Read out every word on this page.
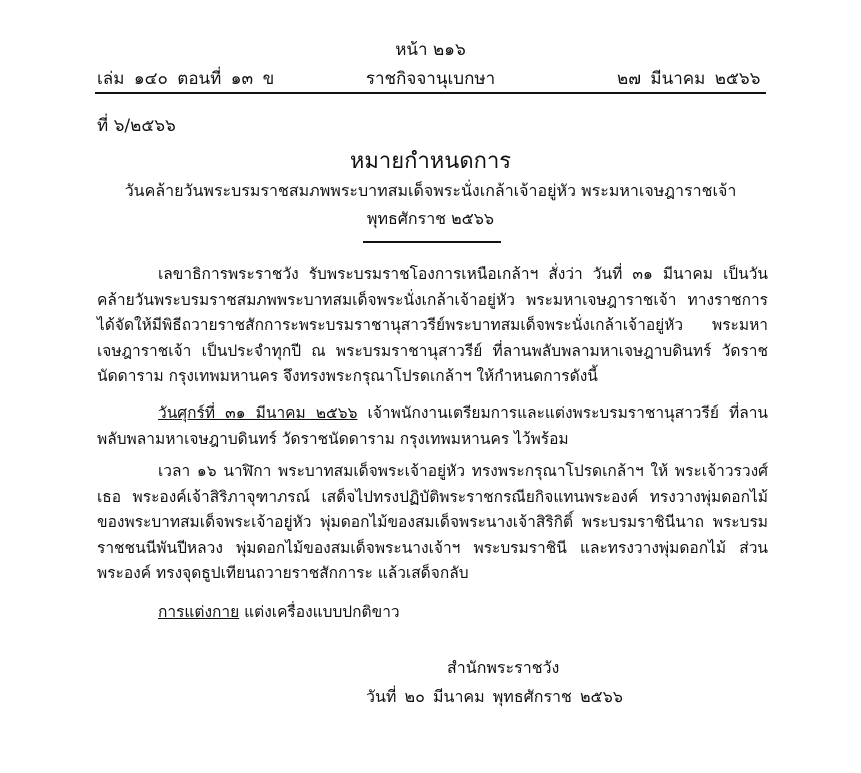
หน้า ๒๑๖
เล่ม ๑๔๐ ตอนที่ ๑๓ ข	ราชกิจจานุเบกษา	๒๗ มีนาคม ๒๕๖๖
ที่ ๖/๒๕๖๖
หมายกำหนดการ
วันคล้ายวันพระบรมราชสมภพพระบาทสมเด็จพระนั่งเกล้าเจ้าอยู่หัว พระมหาเจษฎาราชเจ้า
พุทธศักราช ๒๕๖๖

เลขาธิการพระราชวัง รับพระบรมราชโองการเหนือเกล้าฯ สั่งว่า วันที่ ๓๑ มีนาคม เป็นวันคล้ายวันพระบรมราชสมภพพระบาทสมเด็จพระนั่งเกล้าเจ้าอยู่หัว พระมหาเจษฎาราชเจ้า ทางราชการได้จัดให้มีพิธีถวายราชสักการะพระบรมราชานุสาวรีย์พระบาทสมเด็จพระนั่งเกล้าเจ้าอยู่หัว พระมหาเจษฎาราชเจ้า เป็นประจำทุกปี ณ พระบรมราชานุสาวรีย์ ที่ลานพลับพลามหาเจษฎาบดินทร์ วัดราชนัดดาราม กรุงเทพมหานคร จึงทรงพระกรุณาโปรดเกล้าฯ ให้กำหนดการดังนี้

วันศุกร์ที่ ๓๑ มีนาคม ๒๕๖๖ เจ้าพนักงานเตรียมการและแต่งพระบรมราชานุสาวรีย์ ที่ลานพลับพลามหาเจษฎาบดินทร์ วัดราชนัดดาราม กรุงเทพมหานคร ไว้พร้อม

เวลา ๑๖ นาฬิกา พระบาทสมเด็จพระเจ้าอยู่หัว ทรงพระกรุณาโปรดเกล้าฯ ให้ พระเจ้าวรวงศ์เธอ พระองค์เจ้าสิริภาจุฑาภรณ์ เสด็จไปทรงปฏิบัติพระราชกรณียกิจแทนพระองค์ ทรงวางพุ่มดอกไม้ ของพระบาทสมเด็จพระเจ้าอยู่หัว พุ่มดอกไม้ของสมเด็จพระนางเจ้าสิริกิติ์ พระบรมราชินีนาถ พระบรมราชชนนีพันปีหลวง พุ่มดอกไม้ของสมเด็จพระนางเจ้าฯ พระบรมราชินี และทรงวางพุ่มดอกไม้ ส่วนพระองค์ ทรงจุดธูปเทียนถวายราชสักการะ แล้วเสด็จกลับ

การแต่งกาย แต่งเครื่องแบบปกติขาว

สำนักพระราชวัง
วันที่ ๒๐ มีนาคม พุทธศักราช ๒๕๖๖
